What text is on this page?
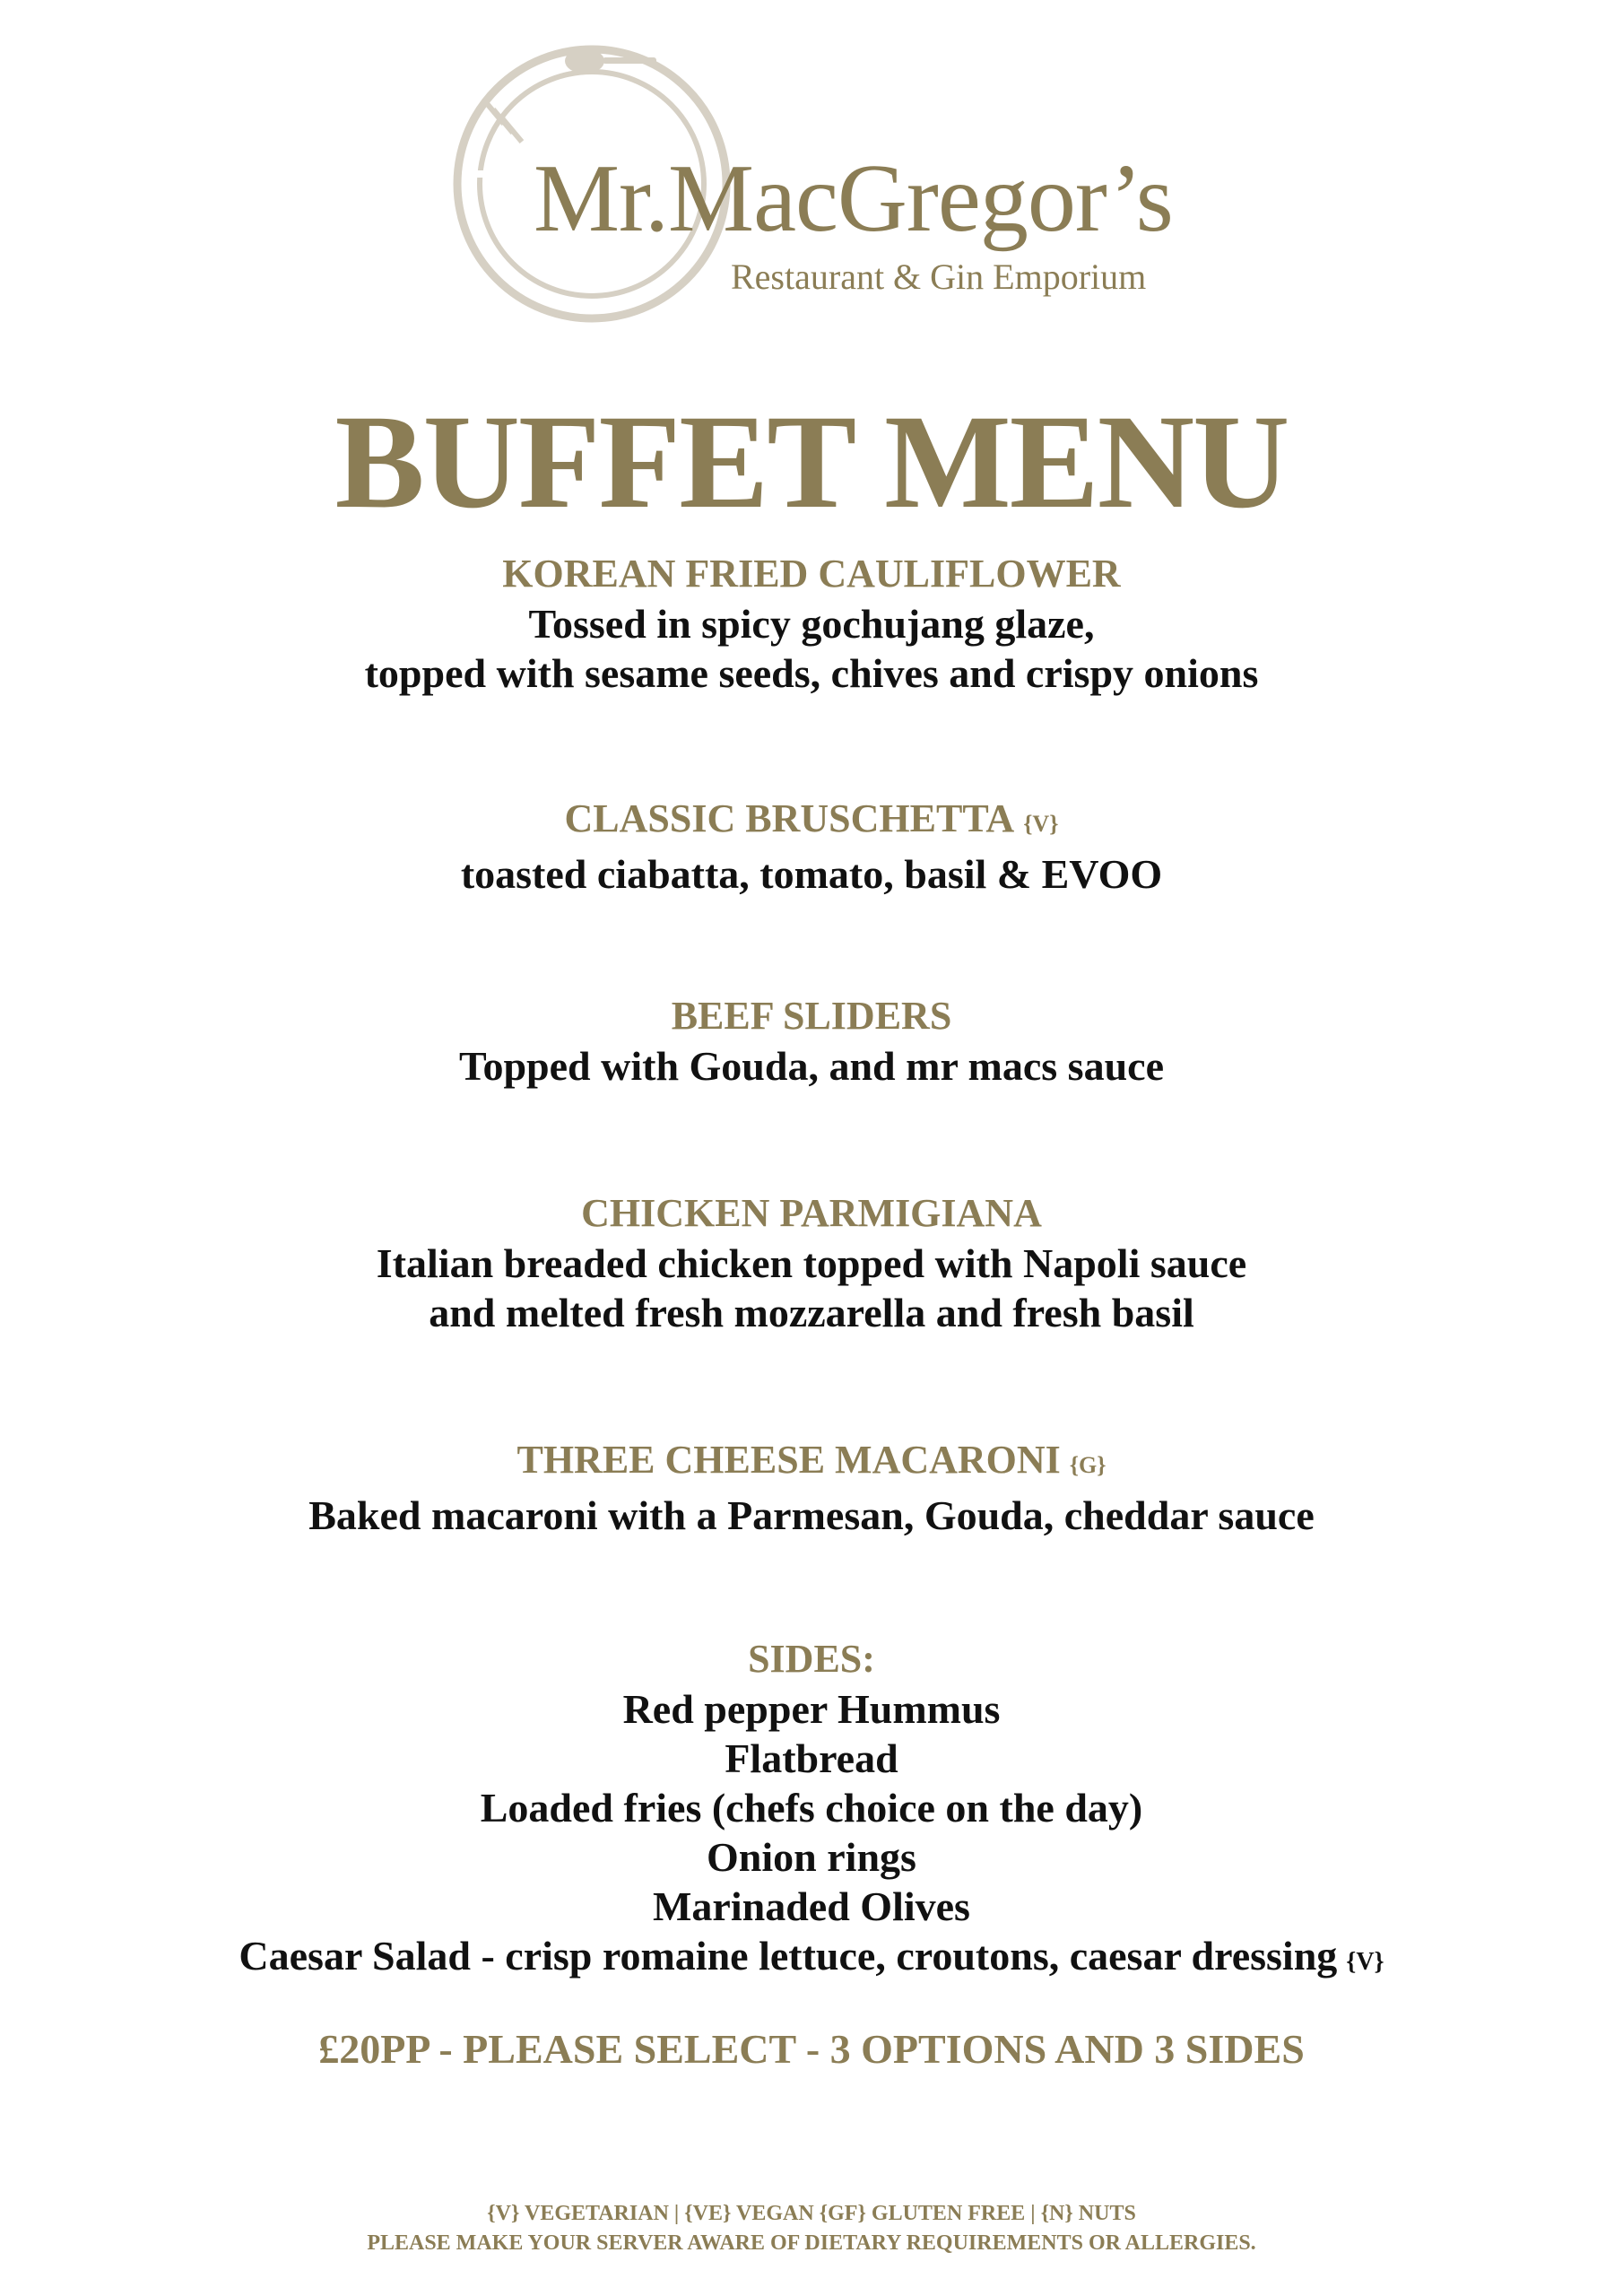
Mr.MacGregor’s
Restaurant & Gin Emporium
BUFFET MENU
KOREAN FRIED CAULIFLOWER
Tossed in spicy gochujang glaze,
topped with sesame seeds, chives and crispy onions
CLASSIC BRUSCHETTA {V}
toasted ciabatta, tomato, basil & EVOO
BEEF SLIDERS
Topped with Gouda, and mr macs sauce
CHICKEN PARMIGIANA
Italian breaded chicken topped with Napoli sauce
and melted fresh mozzarella and fresh basil
THREE CHEESE MACARONI {G}
Baked macaroni with a Parmesan, Gouda, cheddar sauce
SIDES:
Red pepper Hummus
Flatbread
Loaded fries (chefs choice on the day)
Onion rings
Marinaded Olives
Caesar Salad - crisp romaine lettuce, croutons, caesar dressing {V}
£20PP - PLEASE SELECT - 3 OPTIONS AND 3 SIDES
{V} VEGETARIAN | {VE} VEGAN {GF} GLUTEN FREE | {N} NUTS
PLEASE MAKE YOUR SERVER AWARE OF DIETARY REQUIREMENTS OR ALLERGIES.
